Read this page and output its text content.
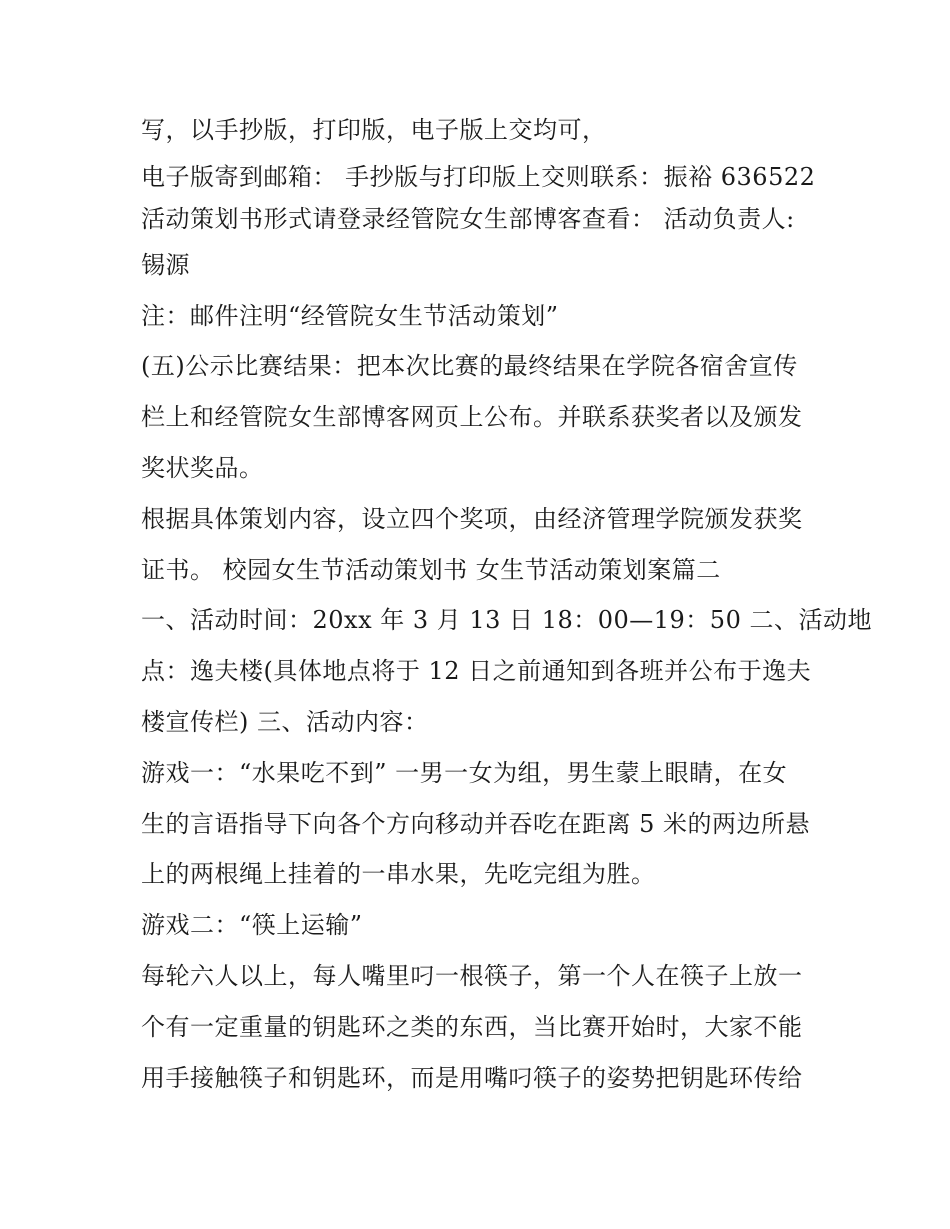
写，以手抄版，打印版，电子版上交均可，
电子版寄到邮箱： 手抄版与打印版上交则联系：振裕 636522
活动策划书形式请登录经管院女生部博客查看： 活动负责人:
锡源
注：邮件注明“经管院女生节活动策划”
(五)公示比赛结果：把本次比赛的最终结果在学院各宿舍宣传
栏上和经管院女生部博客网页上公布。并联系获奖者以及颁发
奖状奖品。
根据具体策划内容，设立四个奖项，由经济管理学院颁发获奖
证书。 校园女生节活动策划书 女生节活动策划案篇二
一、活动时间：20xx 年 3 月 13 日 18：00—19：50 二、活动地
点：逸夫楼(具体地点将于 12 日之前通知到各班并公布于逸夫
楼宣传栏) 三、活动内容：
游戏一：“水果吃不到” 一男一女为组，男生蒙上眼睛，在女
生的言语指导下向各个方向移动并吞吃在距离 5 米的两边所悬
上的两根绳上挂着的一串水果，先吃完组为胜。
游戏二：“筷上运输”
每轮六人以上，每人嘴里叼一根筷子，第一个人在筷子上放一
个有一定重量的钥匙环之类的东西，当比赛开始时，大家不能
用手接触筷子和钥匙环，而是用嘴叼筷子的姿势把钥匙环传给
